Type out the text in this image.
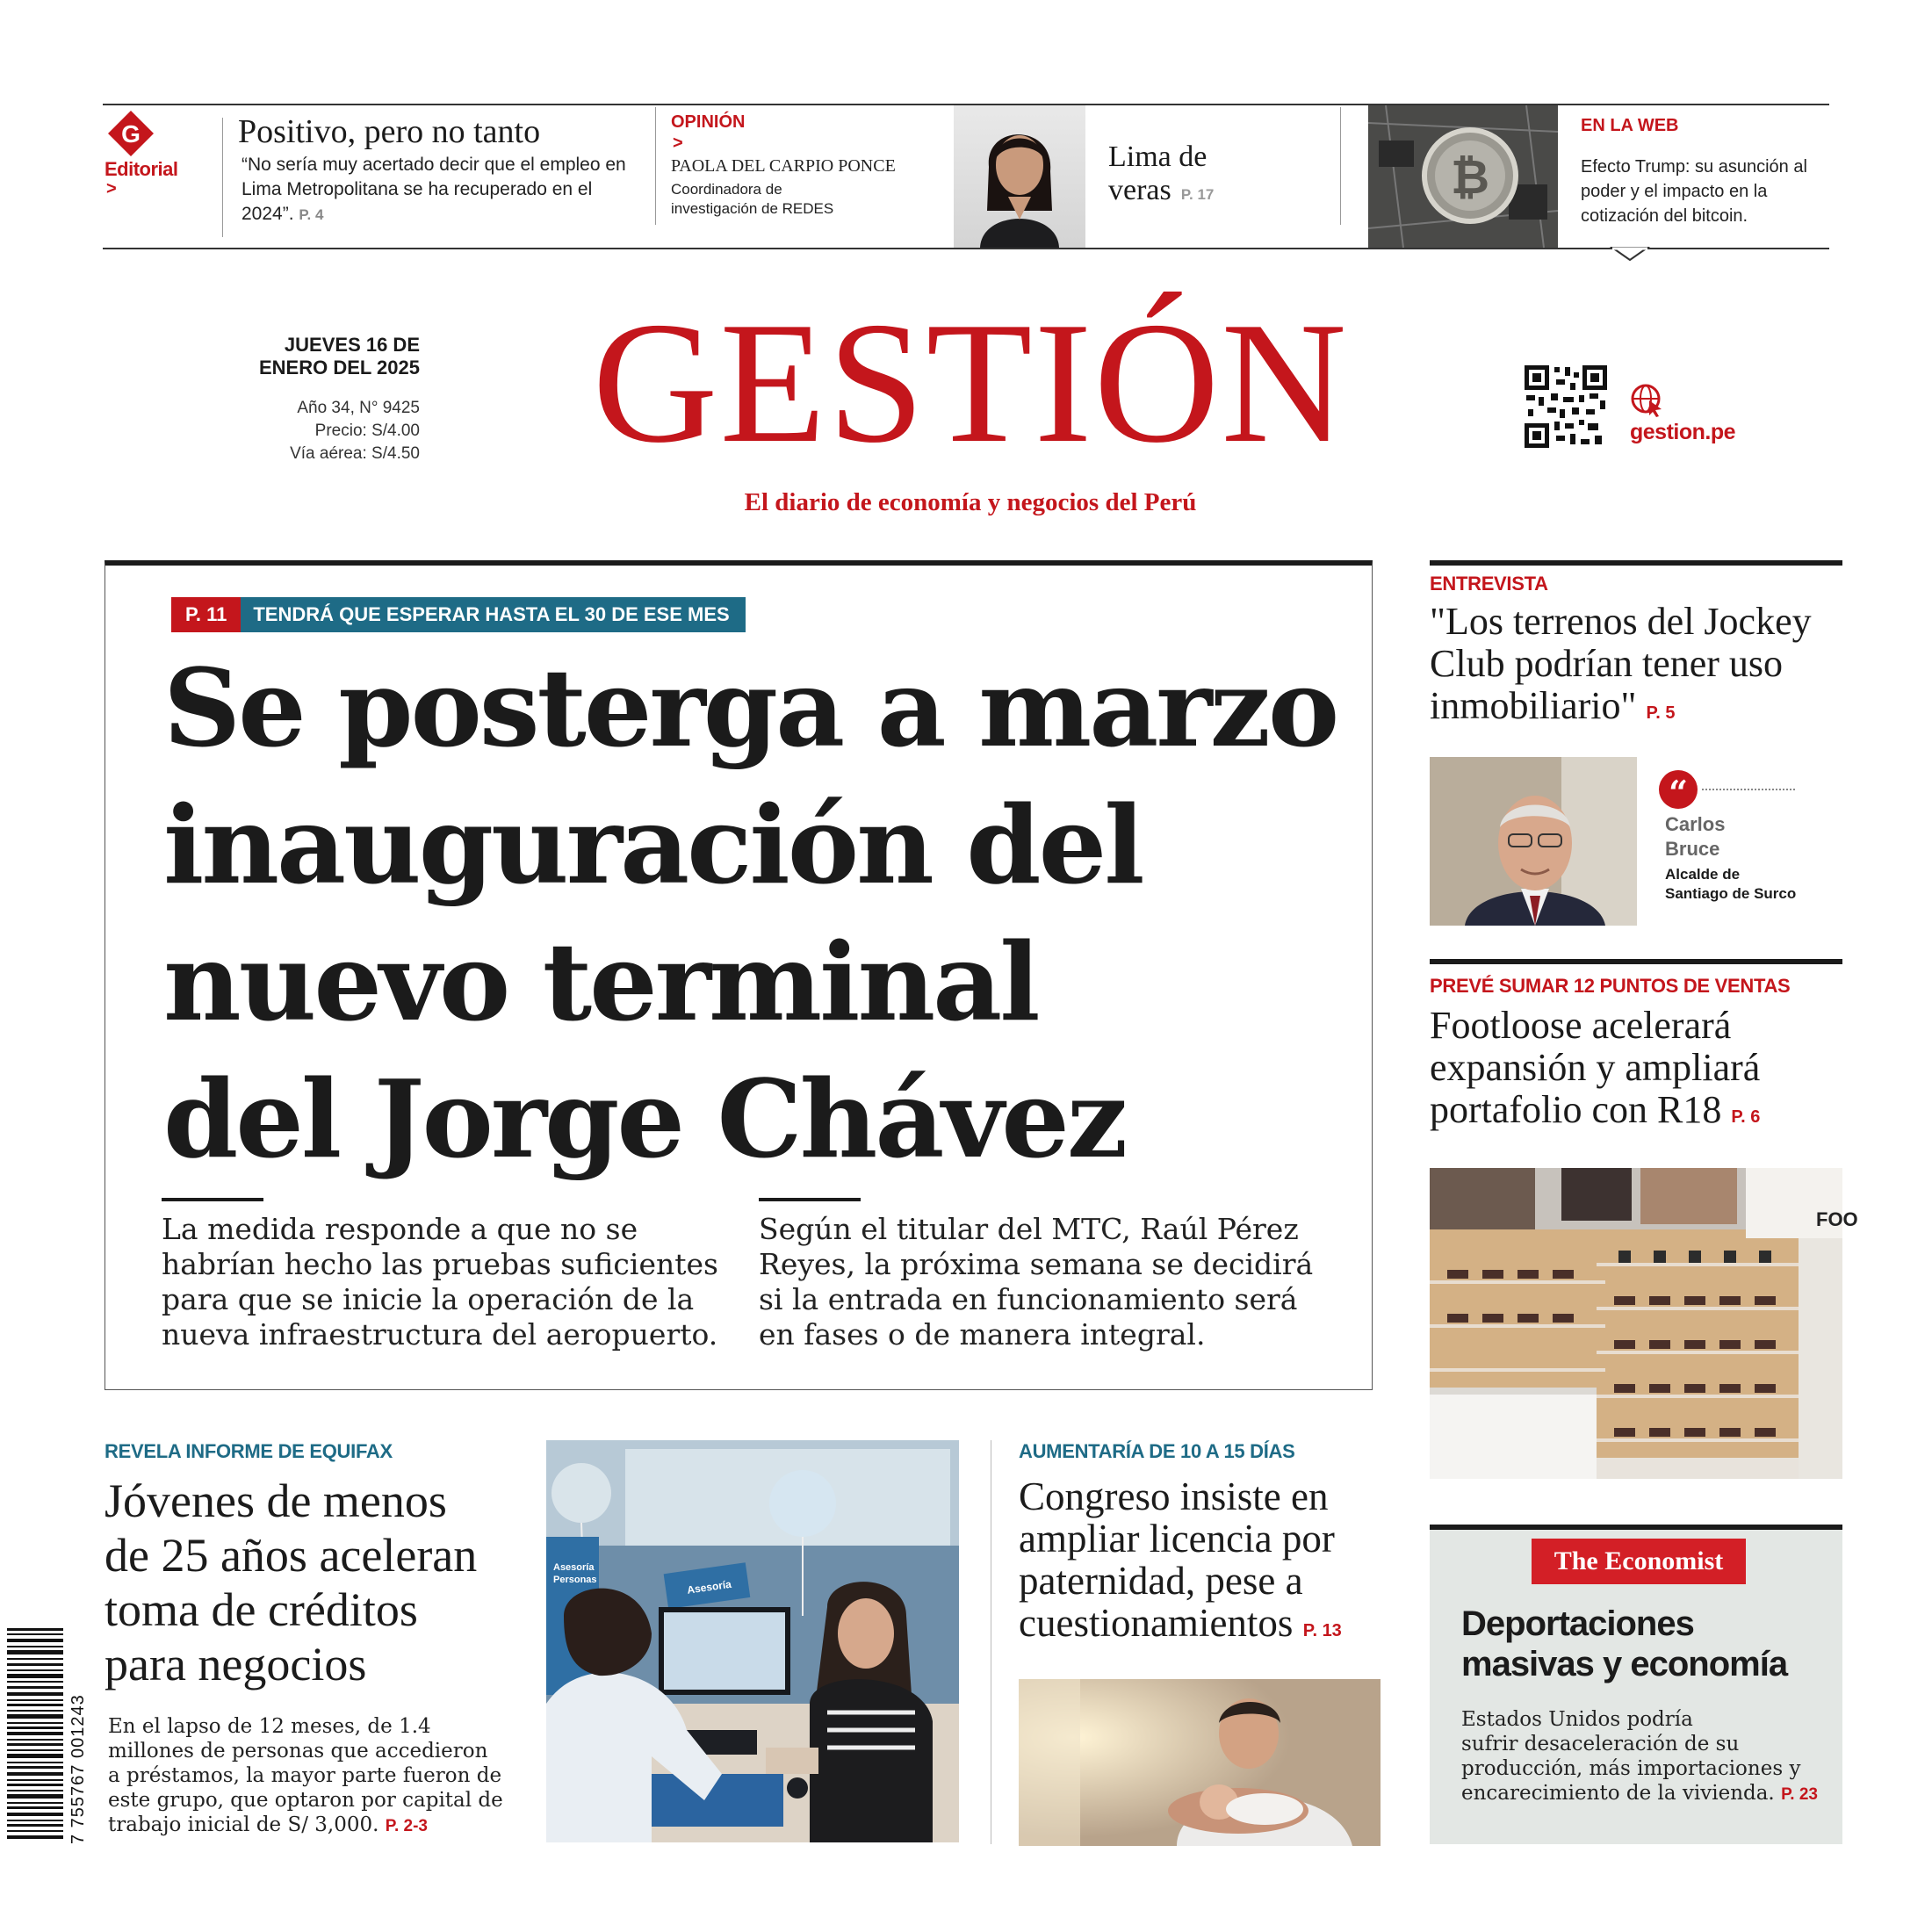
G
Editorial
>
Positivo, pero no tanto
“No sería muy acertado decir que el empleo en Lima Metropolitana se ha recuperado en el 2024”. P. 4
OPINIÓN
>
PAOLA DEL CARPIO PONCE
Coordinadora de
investigación de REDES
Lima de
veras P. 17	₿
EN LA WEB
Efecto Trump: su asunción al poder y el impacto en la cotización del bitcoin.
JUEVES 16 DE
ENERO DEL 2025
Año 34, N° 9425
Precio: S/4.00
Vía aérea: S/4.50 GESTIÓN
El diario de economía y negocios del Perú
gestion.pe
P. 11	TENDRÁ QUE ESPERAR HASTA EL 30 DE ESE MES
Se posterga a marzo
inauguración del
nuevo terminal
del Jorge Chávez
La medida responde a que no se
habrían hecho las pruebas suficientes
para que se inicie la operación de la
nueva infraestructura del aeropuerto.
Según el titular del MTC, Raúl Pérez
Reyes, la próxima semana se decidirá
si la entrada en funcionamiento será
en fases o de manera integral.
ENTREVISTA
"Los terrenos del Jockey
Club podrían tener uso
inmobiliario" P. 5
“
Carlos
Bruce
Alcalde de
Santiago de Surco
PREVÉ SUMAR 12 PUNTOS DE VENTAS
Footloose acelerará
expansión y ampliará
portafolio con R18 P. 6
FOO
The Economist
Deportaciones
masivas y economía
Estados Unidos podría
sufrir desaceleración de su
producción, más importaciones y
encarecimiento de la vivienda. P. 23
REVELA INFORME DE EQUIFAX
Jóvenes de menos
de 25 años aceleran
toma de créditos
para negocios
En el lapso de 12 meses, de 1.4
millones de personas que accedieron
a préstamos, la mayor parte fueron de
este grupo, que optaron por capital de
trabajo inicial de S/ 3,000. P. 2-3
Asesoría
Personas	Asesoría
AUMENTARÍA DE 10 A 15 DÍAS
Congreso insiste en
ampliar licencia por
paternidad, pese a
cuestionamientos P. 13
7 755767 001243
